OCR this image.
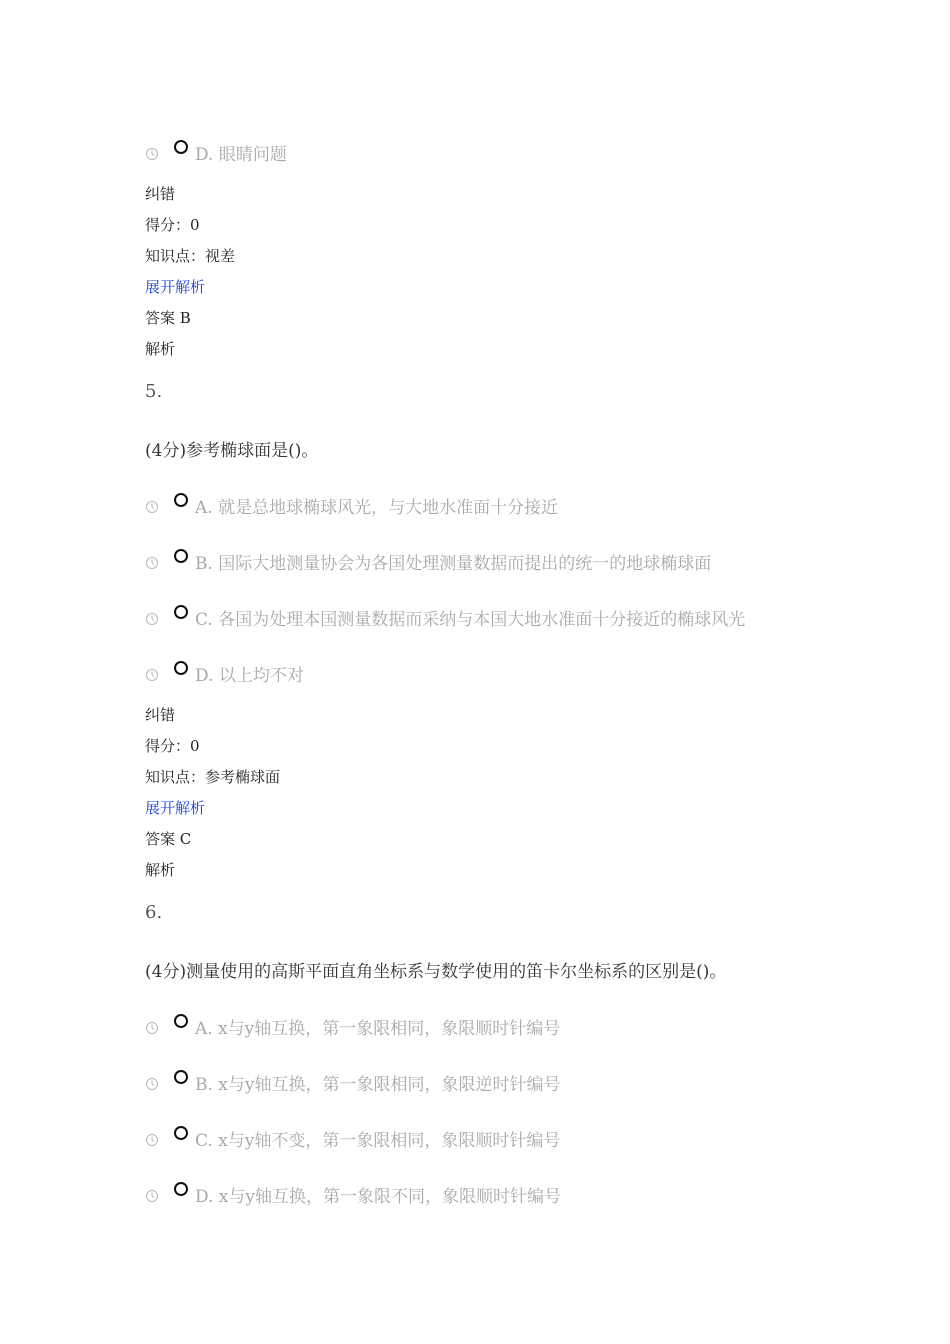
D. 眼睛问题
纠错
得分：0
知识点：视差
展开解析
答案 B
解析
5.
(4分)参考椭球面是()。
A. 就是总地球椭球风光，与大地水准面十分接近
B. 国际大地测量协会为各国处理测量数据而提出的统一的地球椭球面
C. 各国为处理本国测量数据而采纳与本国大地水准面十分接近的椭球风光
D. 以上均不对
纠错
得分：0
知识点：参考椭球面
展开解析
答案 C
解析
6.
(4分)测量使用的高斯平面直角坐标系与数学使用的笛卡尔坐标系的区别是()。
A. x与y轴互换，第一象限相同，象限顺时针编号
B. x与y轴互换，第一象限相同，象限逆时针编号
C. x与y轴不变，第一象限相同，象限顺时针编号
D. x与y轴互换，第一象限不同，象限顺时针编号
